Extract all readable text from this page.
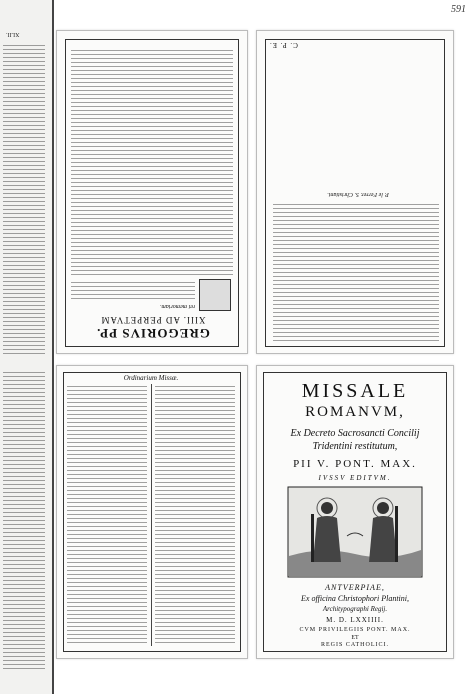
591
XLII.
GREGORIVS PP.
XIII. AD PERPETVAM
rei memoriam.
P. le Ferrer. S. Christiani.
C. P. E.
Ordinarium Missæ.
MISSALE
ROMANVM,
Ex Decreto Sacrosancti Concilij
Tridentini restitutum,
PII V. PONT. MAX.
IVSSV EDITVM.
ANTVERPIAE,
Ex officina Christophori Plantini,
Architypographi Regij.
M. D. LXXIIII.
CVM PRIVILEGIIS PONT. MAX.
ET
REGIS CATHOLICI.
